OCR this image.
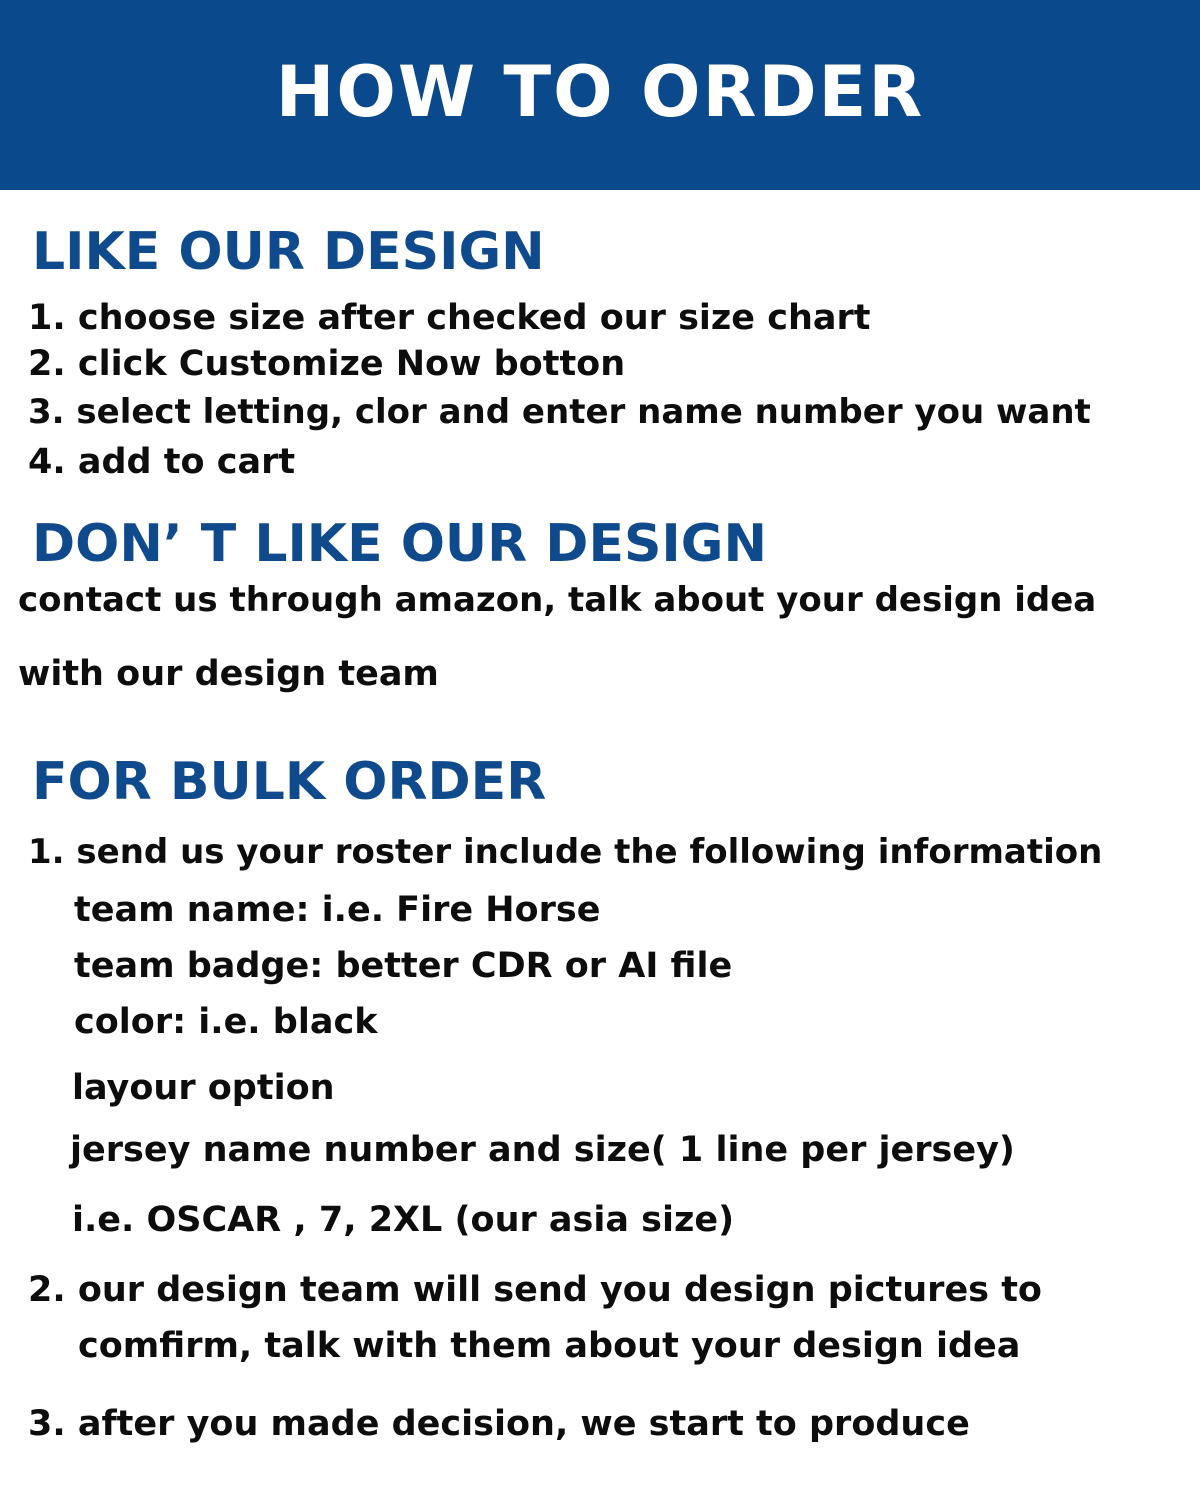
HOW TO ORDER
LIKE OUR DESIGN

1. choose size after checked our size chart

2. click Customize Now botton

3. select letting, clor and enter name number you want

4. add to cart

DON’ T LIKE OUR DESIGN

contact us through amazon, talk about your design idea

with our design team

FOR BULK ORDER

1. send us your roster include the following information

team name: i.e. Fire Horse

team badge: better CDR or AI file

color: i.e. black

layour option

jersey name number and size( 1 line per jersey)

i.e. OSCAR , 7, 2XL (our asia size)

2. our design team will send you design pictures to

comfirm, talk with them about your design idea

3. after you made decision, we start to produce
